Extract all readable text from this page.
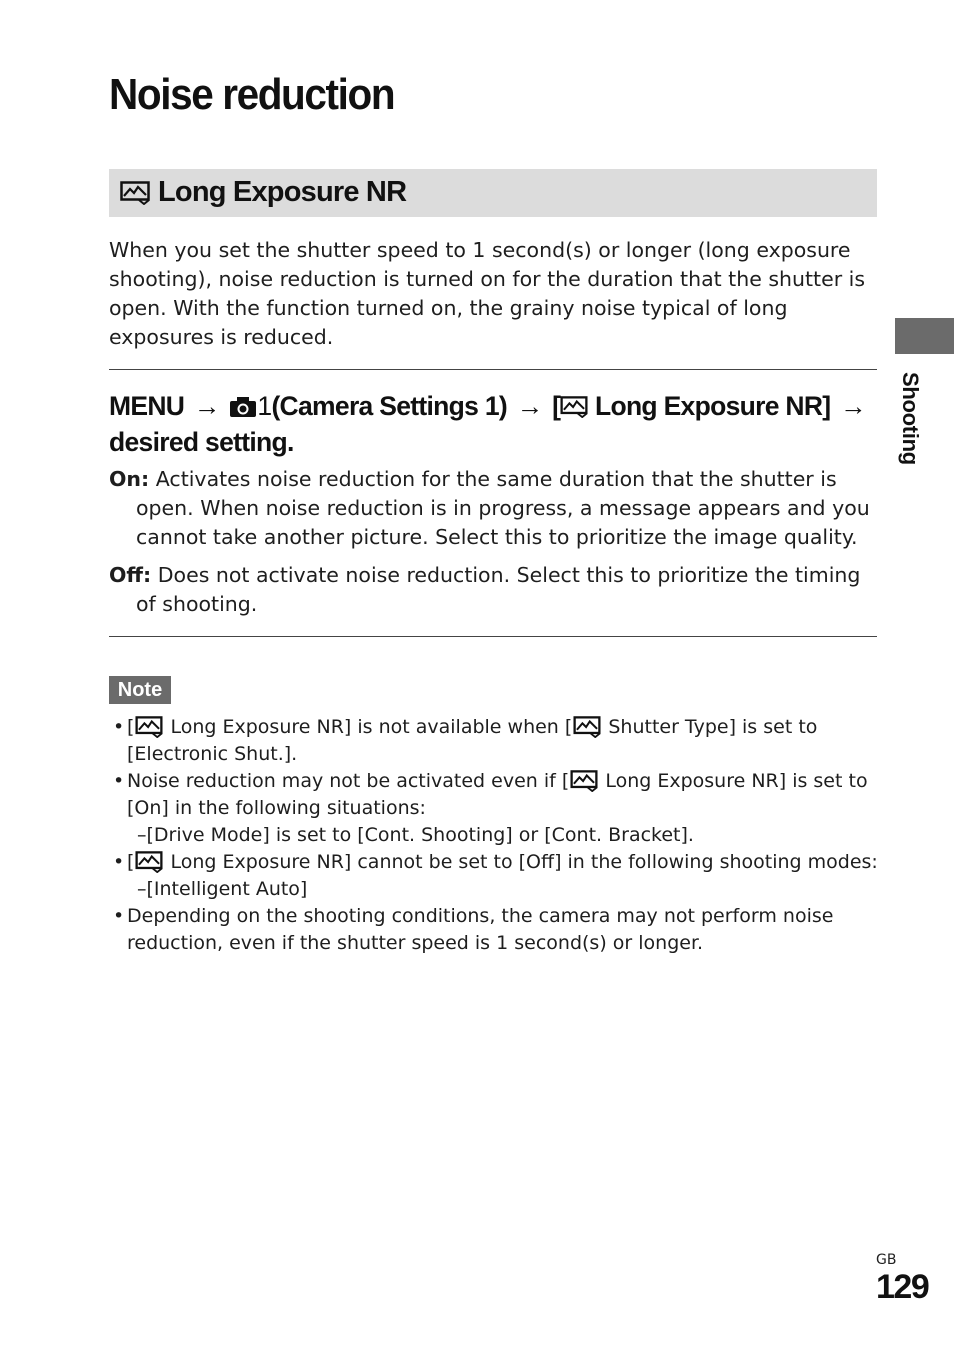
Noise reduction
Long Exposure NR

When you set the shutter speed to 1 second(s) or longer (long exposure shooting), noise reduction is turned on for the duration that the shutter is open. With the function turned on, the grainy noise typical of long exposures is reduced.

MENU → 1(Camera Settings 1) → [ Long Exposure NR] → desired setting.

On: Activates noise reduction for the same duration that the shutter is open. When noise reduction is in progress, a message appears and you cannot take another picture. Select this to prioritize the image quality.

Off: Does not activate noise reduction. Select this to prioritize the timing of shooting.

Note
• [ Long Exposure NR] is not available when [ Shutter Type] is set to [Electronic Shut.].
• Noise reduction may not be activated even if [ Long Exposure NR] is set to [On] in the following situations:
–[Drive Mode] is set to [Cont. Shooting] or [Cont. Bracket].
• [ Long Exposure NR] cannot be set to [Off] in the following shooting modes:
–[Intelligent Auto]
• Depending on the shooting conditions, the camera may not perform noise reduction, even if the shutter speed is 1 second(s) or longer.
Shooting
GB
129
